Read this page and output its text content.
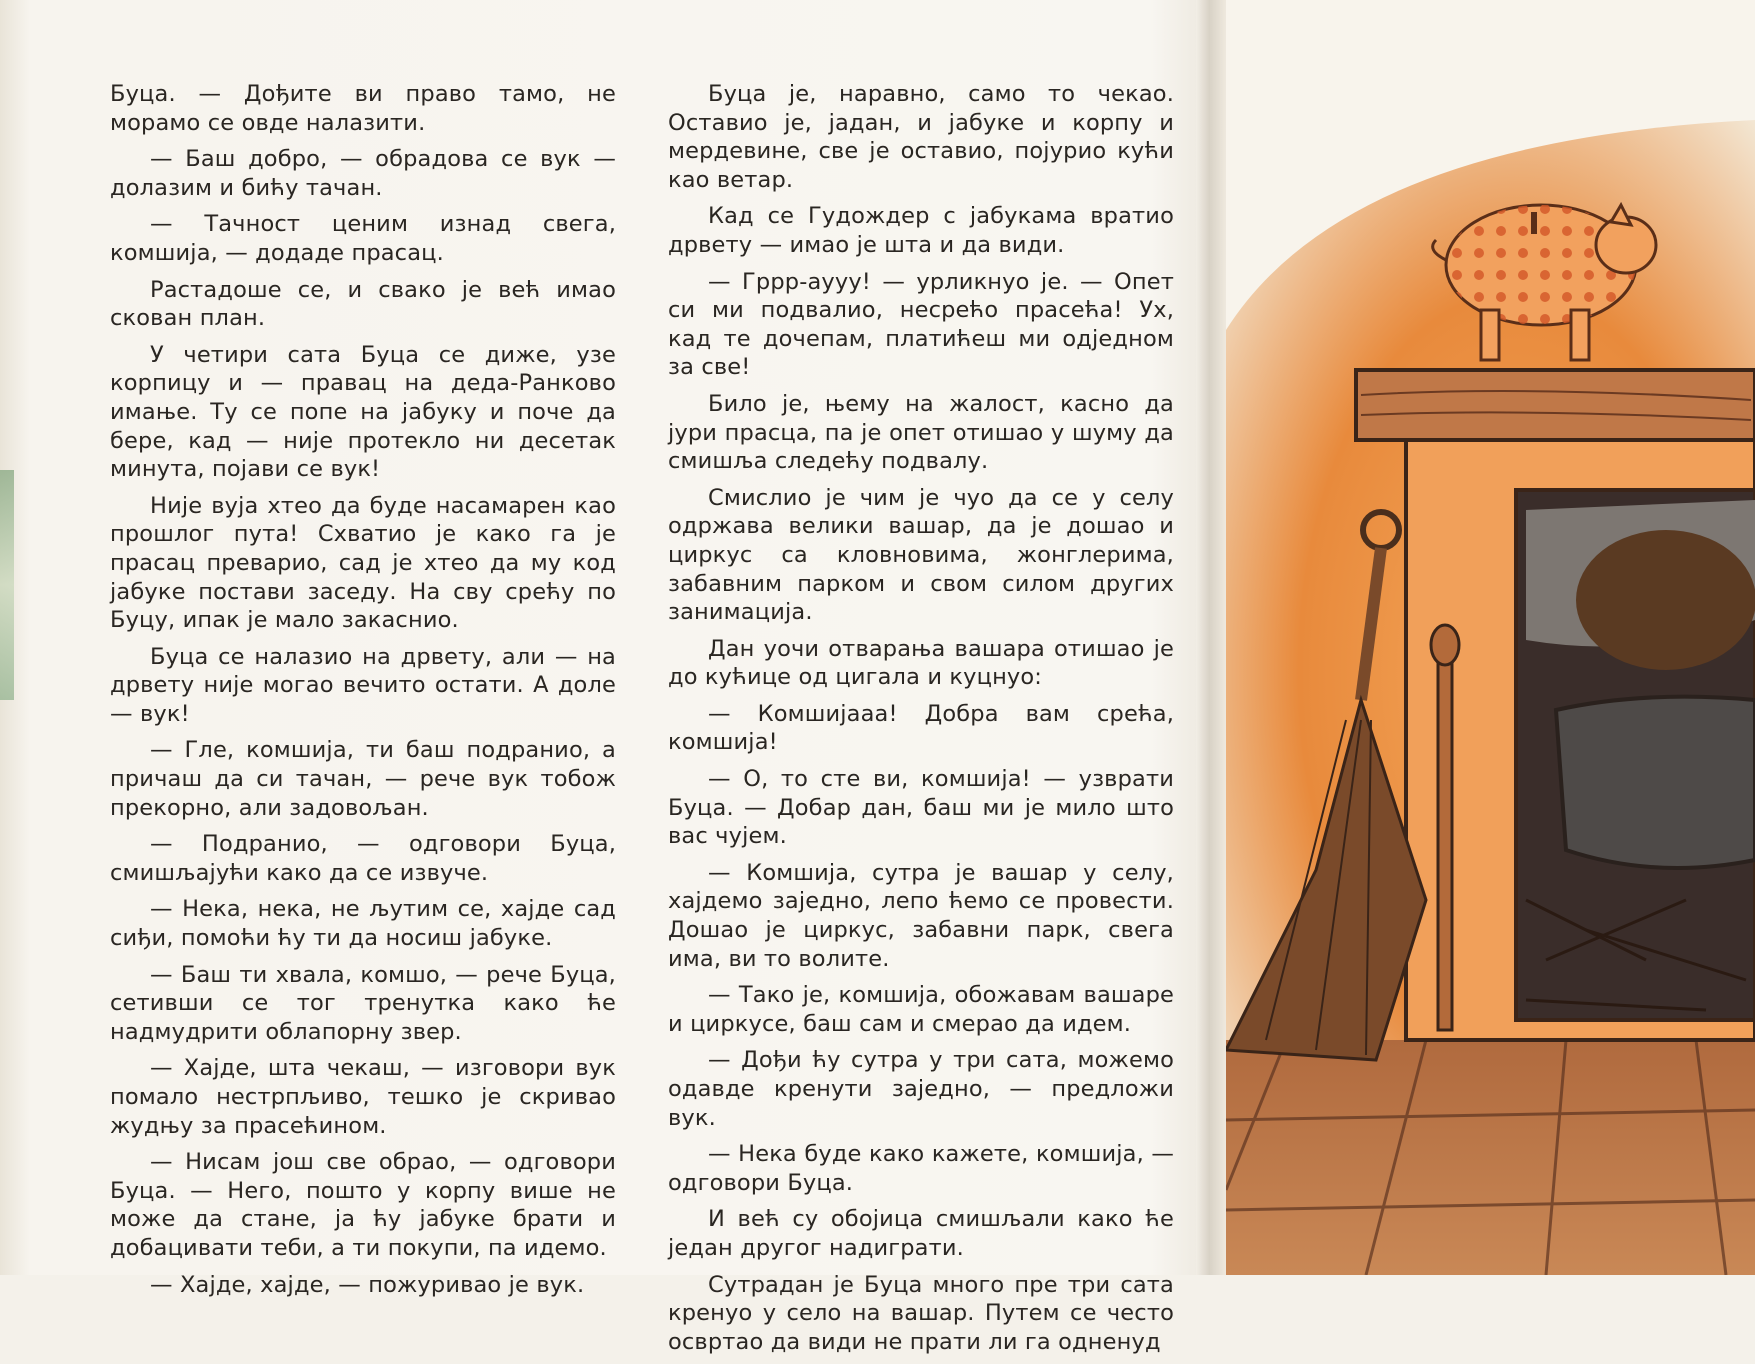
Буца. — Дођите ви право тамо, не морамо се овде налазити.

— Баш добро, — обрадова се вук — долазим и бићу тачан.

— Тачност ценим изнад свега, комшија, — додаде прасац.

Растадоше се, и свако је већ имао скован план.

У четири сата Буца се диже, узе корпицу и — правац на деда-Ранково имање. Ту се попе на јабуку и поче да бере, кад — није протекло ни десетак минута, појави се вук!

Није вуја хтео да буде насамарен као прошлог пута! Схватио је како га је прасац преварио, сад је хтео да му код јабуке постави заседу. На сву срећу по Буцу, ипак је мало закаснио.

Буца се налазио на дрвету, али — на дрвету није могао вечито остати. А доле — вук!

— Гле, комшија, ти баш подранио, а причаш да си тачан, — рече вук тобож прекорно, али задовољан.

— Подранио, — одговори Буца, смишљајући како да се извуче.

— Нека, нека, не љутим се, хајде сад сиђи, помоћи ћу ти да носиш јабуке.

— Баш ти хвала, комшо, — рече Буца, сетивши се тог тренутка како ће надмудрити облапорну звер.

— Хајде, шта чекаш, — изговори вук помало нестрпљиво, тешко је скривао жудњу за прасећином.

— Нисам још све обрао, — одговори Буца. — Него, пошто у корпу више не може да стане, ја ћу јабуке брати и добацивати теби, а ти покупи, па идемо.

— Хајде, хајде, — пожуривао је вук.

Буца је, наравно, само то чекао. Оставио је, јадан, и јабуке и корпу и мердевине, све је оставио, појурио кући као ветар.

Кад се Гудождер с јабукама вратио дрвету — имао је шта и да види.

— Гррр-аууу! — урликнуо је. — Опет си ми подвалио, несрећо прасећа! Ух, кад те дочепам, платићеш ми одједном за све!

Било је, њему на жалост, касно да јури прасца, па је опет отишао у шуму да смишља следећу подвалу.

Смислио је чим је чуо да се у селу одржава велики вашар, да је дошао и циркус са кловновима, жонглерима, забавним парком и свом силом других занимација.

Дан уочи отварања вашара отишао је до кућице од цигала и куцнуо:

— Комшијааа! Добра вам срећа, комшија!

— О, то сте ви, комшија! — узврати Буца. — Добар дан, баш ми је мило што вас чујем.

— Комшија, сутра је вашар у селу, хајдемо заједно, лепо ћемо се провести. Дошао је циркус, забавни парк, свега има, ви то волите.

— Тако је, комшија, обожавам вашаре и циркусе, баш сам и смерао да идем.

— Дођи ћу сутра у три сата, можемо одавде кренути заједно, — предложи вук.

— Нека буде како кажете, комшија, — одговори Буца.

И већ су обојица смишљали како ће један другог надиграти.

Сутрадан је Буца много пре три сата кренуо у село на вашар. Путем се често освртао да види не прати ли га одненуд
